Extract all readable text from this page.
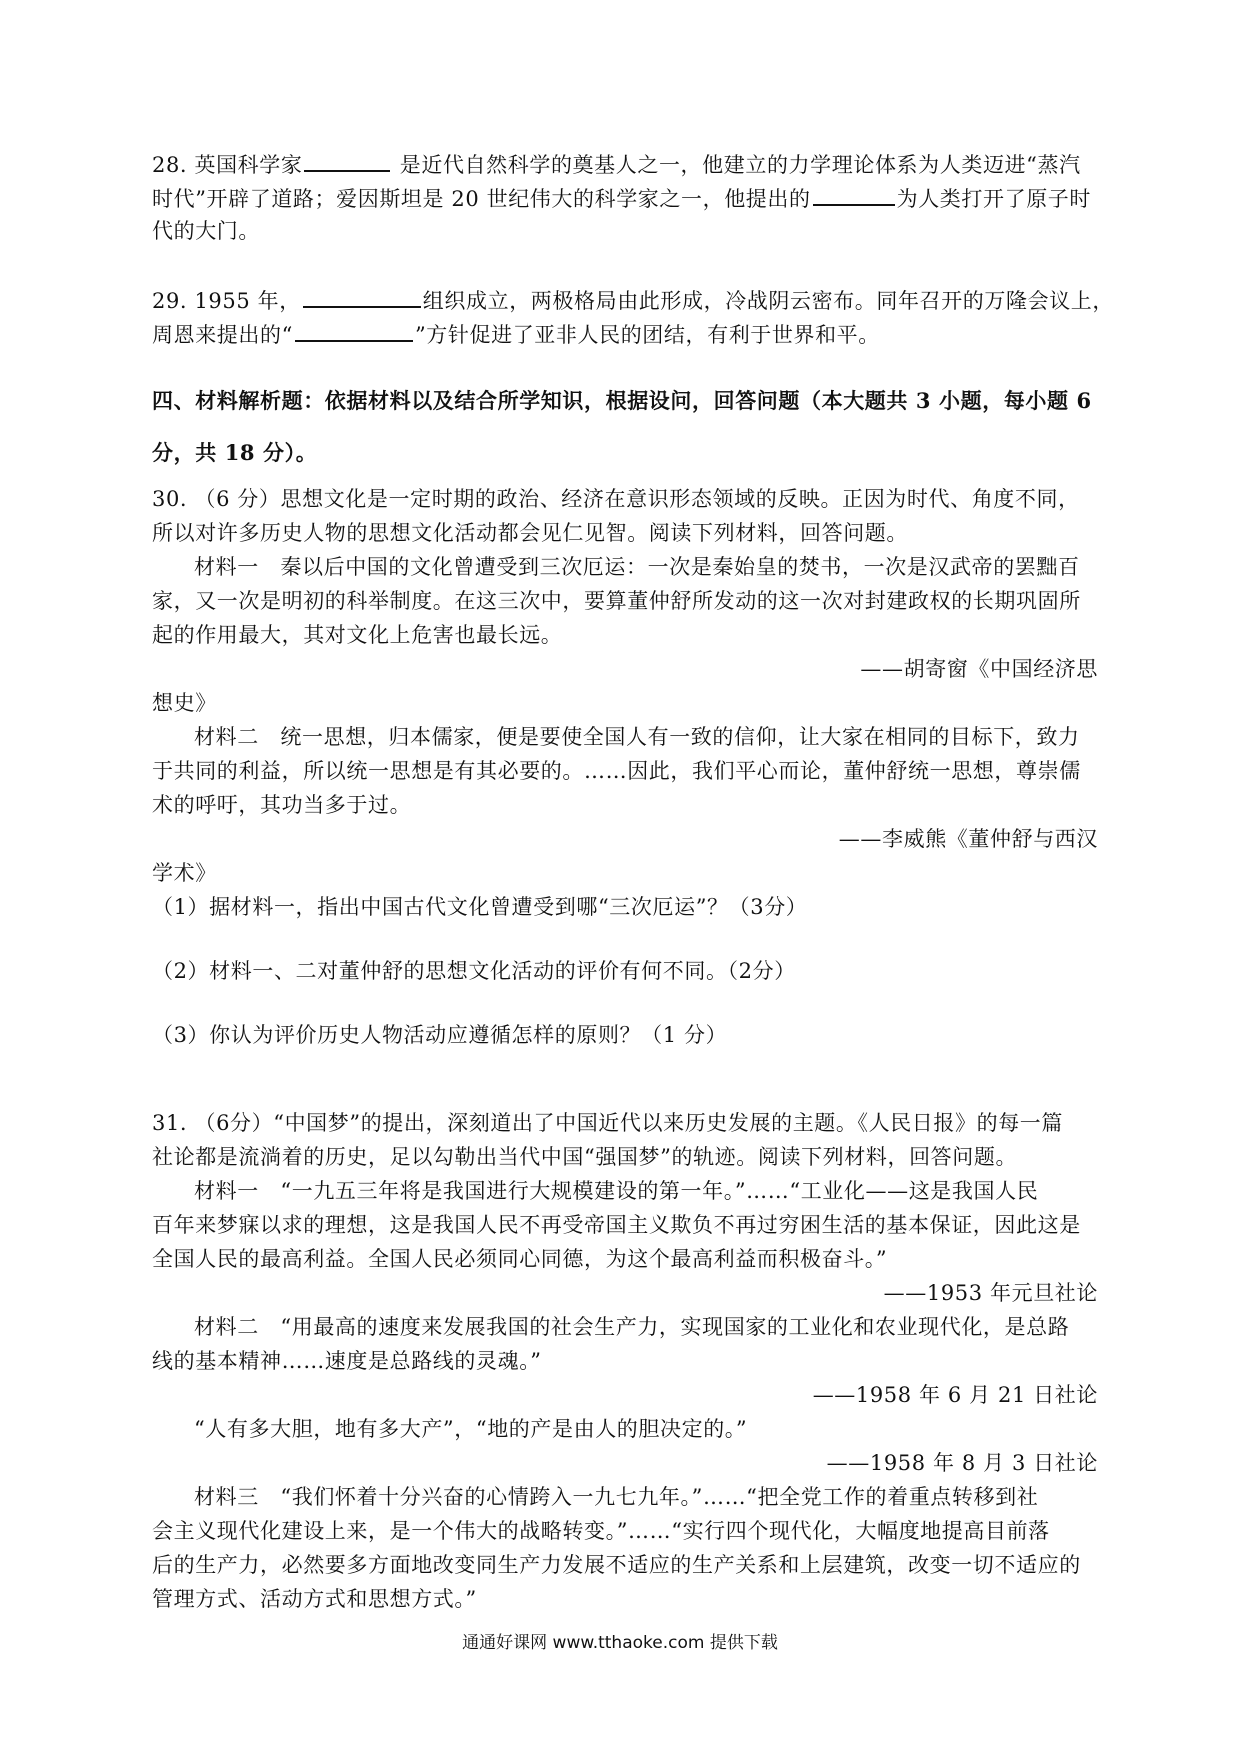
28. 英国科学家	是近代自然科学的奠基人之一，他建立的力学理论体系为人类迈进“蒸汽
时代”开辟了道路；爱因斯坦是 20 世纪伟大的科学家之一，他提出的	为人类打开了原子时
代的大门。
29. 1955 年，	组织成立，两极格局由此形成，冷战阴云密布。同年召开的万隆会议上，
周恩来提出的“	”方针促进了亚非人民的团结，有利于世界和平。
四、材料解析题：依据材料以及结合所学知识，根据设问，回答问题（本大题共 3 小题，每小题 6
分，共 18 分）。
30. （6 分）思想文化是一定时期的政治、经济在意识形态领域的反映。正因为时代、角度不同，
所以对许多历史人物的思想文化活动都会见仁见智。阅读下列材料，回答问题。
材料一　秦以后中国的文化曾遭受到三次厄运：一次是秦始皇的焚书，一次是汉武帝的罢黜百
家，又一次是明初的科举制度。在这三次中，要算董仲舒所发动的这一次对封建政权的长期巩固所
起的作用最大，其对文化上危害也最长远。
——胡寄窗《中国经济思
想史》
材料二　统一思想，归本儒家，便是要使全国人有一致的信仰，让大家在相同的目标下，致力
于共同的利益，所以统一思想是有其必要的。……因此，我们平心而论，董仲舒统一思想，尊崇儒
术的呼吁，其功当多于过。
——李威熊《董仲舒与西汉
学术》
（1）据材料一，指出中国古代文化曾遭受到哪“三次厄运”？（3分）
（2）材料一、二对董仲舒的思想文化活动的评价有何不同。（2分）
（3）你认为评价历史人物活动应遵循怎样的原则？（1 分）
31. （6分）“中国梦”的提出，深刻道出了中国近代以来历史发展的主题。《人民日报》的每一篇
社论都是流淌着的历史，足以勾勒出当代中国“强国梦”的轨迹。阅读下列材料，回答问题。
材料一　“一九五三年将是我国进行大规模建设的第一年。”……“工业化——这是我国人民
百年来梦寐以求的理想，这是我国人民不再受帝国主义欺负不再过穷困生活的基本保证，因此这是
全国人民的最高利益。全国人民必须同心同德，为这个最高利益而积极奋斗。”
——1953 年元旦社论
材料二　“用最高的速度来发展我国的社会生产力，实现国家的工业化和农业现代化，是总路
线的基本精神……速度是总路线的灵魂。”
——1958 年 6 月 21 日社论
“人有多大胆，地有多大产”，“地的产是由人的胆决定的。”
——1958 年 8 月 3 日社论
材料三　“我们怀着十分兴奋的心情跨入一九七九年。”……“把全党工作的着重点转移到社
会主义现代化建设上来，是一个伟大的战略转变。”……“实行四个现代化，大幅度地提高目前落
后的生产力，必然要多方面地改变同生产力发展不适应的生产关系和上层建筑，改变一切不适应的
管理方式、活动方式和思想方式。”
通通好课网 www.tthaoke.com 提供下载
